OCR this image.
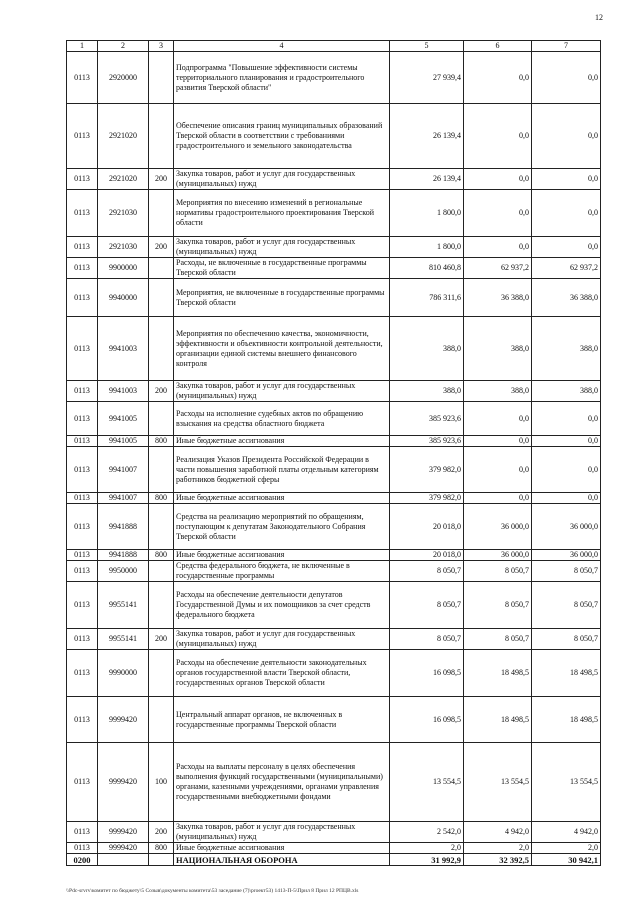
12
1	2	3	4	5	6	7
0113	2920000		Подпрограмма "Повышение эффективности системы территориального планирования и градостроительного развития Тверской области"	27 939,4	0,0	0,0
0113	2921020		Обеспечение описания границ муниципальных образований Тверской области в соответствии с требованиями градостроительного и земельного законодательства	26 139,4	0,0	0,0
0113	2921020	200	Закупка товаров, работ и услуг для государственных (муниципальных) нужд	26 139,4	0,0	0,0
0113	2921030		Мероприятия по внесению изменений в региональные нормативы градостроительного проектирования Тверской области	1 800,0	0,0	0,0
0113	2921030	200	Закупка товаров, работ и услуг для государственных (муниципальных) нужд	1 800,0	0,0	0,0
0113	9900000		Расходы, не включенные в государственные программы Тверской области	810 460,8	62 937,2	62 937,2
0113	9940000		Мероприятия, не включенные в государственные программы Тверской области	786 311,6	36 388,0	36 388,0
0113	9941003		Мероприятия по обеспечению качества, экономичности, эффективности и объективности контрольной деятельности, организации единой системы внешнего финансового контроля	388,0	388,0	388,0
0113	9941003	200	Закупка товаров, работ и услуг для государственных (муниципальных) нужд	388,0	388,0	388,0
0113	9941005		Расходы на исполнение судебных актов по обращению взыскания на средства областного бюджета	385 923,6	0,0	0,0
0113	9941005	800	Иные бюджетные ассигнования	385 923,6	0,0	0,0
0113	9941007		Реализация Указов Президента Российской Федерации в части повышения заработной платы отдельным категориям работников бюджетной сферы	379 982,0	0,0	0,0
0113	9941007	800	Иные бюджетные ассигнования	379 982,0	0,0	0,0
0113	9941888		Средства на реализацию мероприятий по обращениям, поступающим к депутатам Законодательного Собрания Тверской области	20 018,0	36 000,0	36 000,0
0113	9941888	800	Иные бюджетные ассигнования	20 018,0	36 000,0	36 000,0
0113	9950000		Средства федерального бюджета, не включенные в государственные программы	8 050,7	8 050,7	8 050,7
0113	9955141		Расходы на обеспечение деятельности депутатов Государственной Думы и их помощников за счет средств федерального бюджета	8 050,7	8 050,7	8 050,7
0113	9955141	200	Закупка товаров, работ и услуг для государственных (муниципальных) нужд	8 050,7	8 050,7	8 050,7
0113	9990000		Расходы на обеспечение деятельности законодательных органов государственной власти Тверской области, государственных органов Тверской области	16 098,5	18 498,5	18 498,5
0113	9999420		Центральный аппарат органов, не включенных в государственные программы Тверской области	16 098,5	18 498,5	18 498,5
0113	9999420	100	Расходы на выплаты персоналу в целях обеспечения выполнения функций государственными (муниципальными) органами, казенными учреждениями, органами управления государственными внебюджетными фондами	13 554,5	13 554,5	13 554,5
0113	9999420	200	Закупка товаров, работ и услуг для государственных (муниципальных) нужд	2 542,0	4 942,0	4 942,0
0113	9999420	800	Иные бюджетные ассигнования	2,0	2,0	2,0
0200			НАЦИОНАЛЬНАЯ ОБОРОНА	31 992,9	32 392,5	30 942,1
\\Pdc-srvrv\комитет по бюджету\5 Созыв\документы комитета\53 заседание (7)\proект53) 1413-П-5\Прил 8 Прил 12 РПЦВ.xls
